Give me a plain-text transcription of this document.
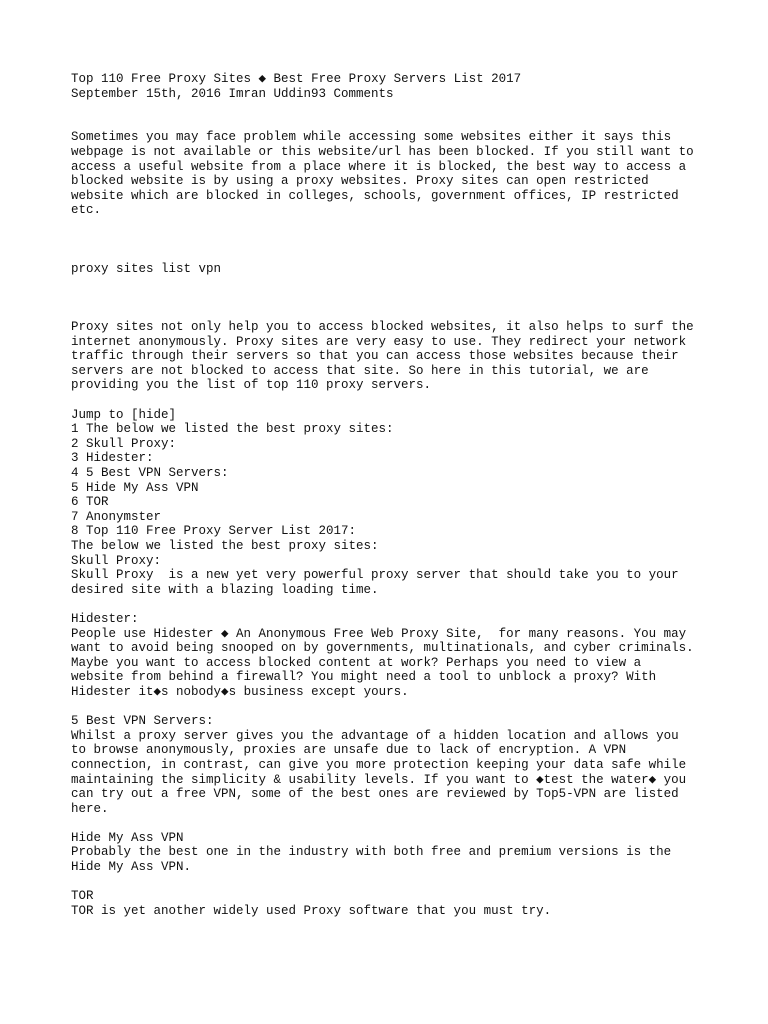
Top 110 Free Proxy Sites ◆ Best Free Proxy Servers List 2017
September 15th, 2016 Imran Uddin93 Comments
Sometimes you may face problem while accessing some websites either it says this
webpage is not available or this website/url has been blocked. If you still want to
access a useful website from a place where it is blocked, the best way to access a
blocked website is by using a proxy websites. Proxy sites can open restricted
website which are blocked in colleges, schools, government offices, IP restricted
etc.
proxy sites list vpn
Proxy sites not only help you to access blocked websites, it also helps to surf the
internet anonymously. Proxy sites are very easy to use. They redirect your network
traffic through their servers so that you can access those websites because their
servers are not blocked to access that site. So here in this tutorial, we are
providing you the list of top 110 proxy servers.
Jump to [hide]
1 The below we listed the best proxy sites:
2 Skull Proxy:
3 Hidester:
4 5 Best VPN Servers:
5 Hide My Ass VPN
6 TOR
7 Anonymster
8 Top 110 Free Proxy Server List 2017:
The below we listed the best proxy sites:
Skull Proxy:
Skull Proxy  is a new yet very powerful proxy server that should take you to your
desired site with a blazing loading time.
Hidester:
People use Hidester ◆ An Anonymous Free Web Proxy Site,  for many reasons. You may
want to avoid being snooped on by governments, multinationals, and cyber criminals.
Maybe you want to access blocked content at work? Perhaps you need to view a
website from behind a firewall? You might need a tool to unblock a proxy? With
Hidester it◆s nobody◆s business except yours.
5 Best VPN Servers:
Whilst a proxy server gives you the advantage of a hidden location and allows you
to browse anonymously, proxies are unsafe due to lack of encryption. A VPN
connection, in contrast, can give you more protection keeping your data safe while
maintaining the simplicity & usability levels. If you want to ◆test the water◆ you
can try out a free VPN, some of the best ones are reviewed by Top5-VPN are listed
here.
Hide My Ass VPN
Probably the best one in the industry with both free and premium versions is the
Hide My Ass VPN.
TOR
TOR is yet another widely used Proxy software that you must try.
